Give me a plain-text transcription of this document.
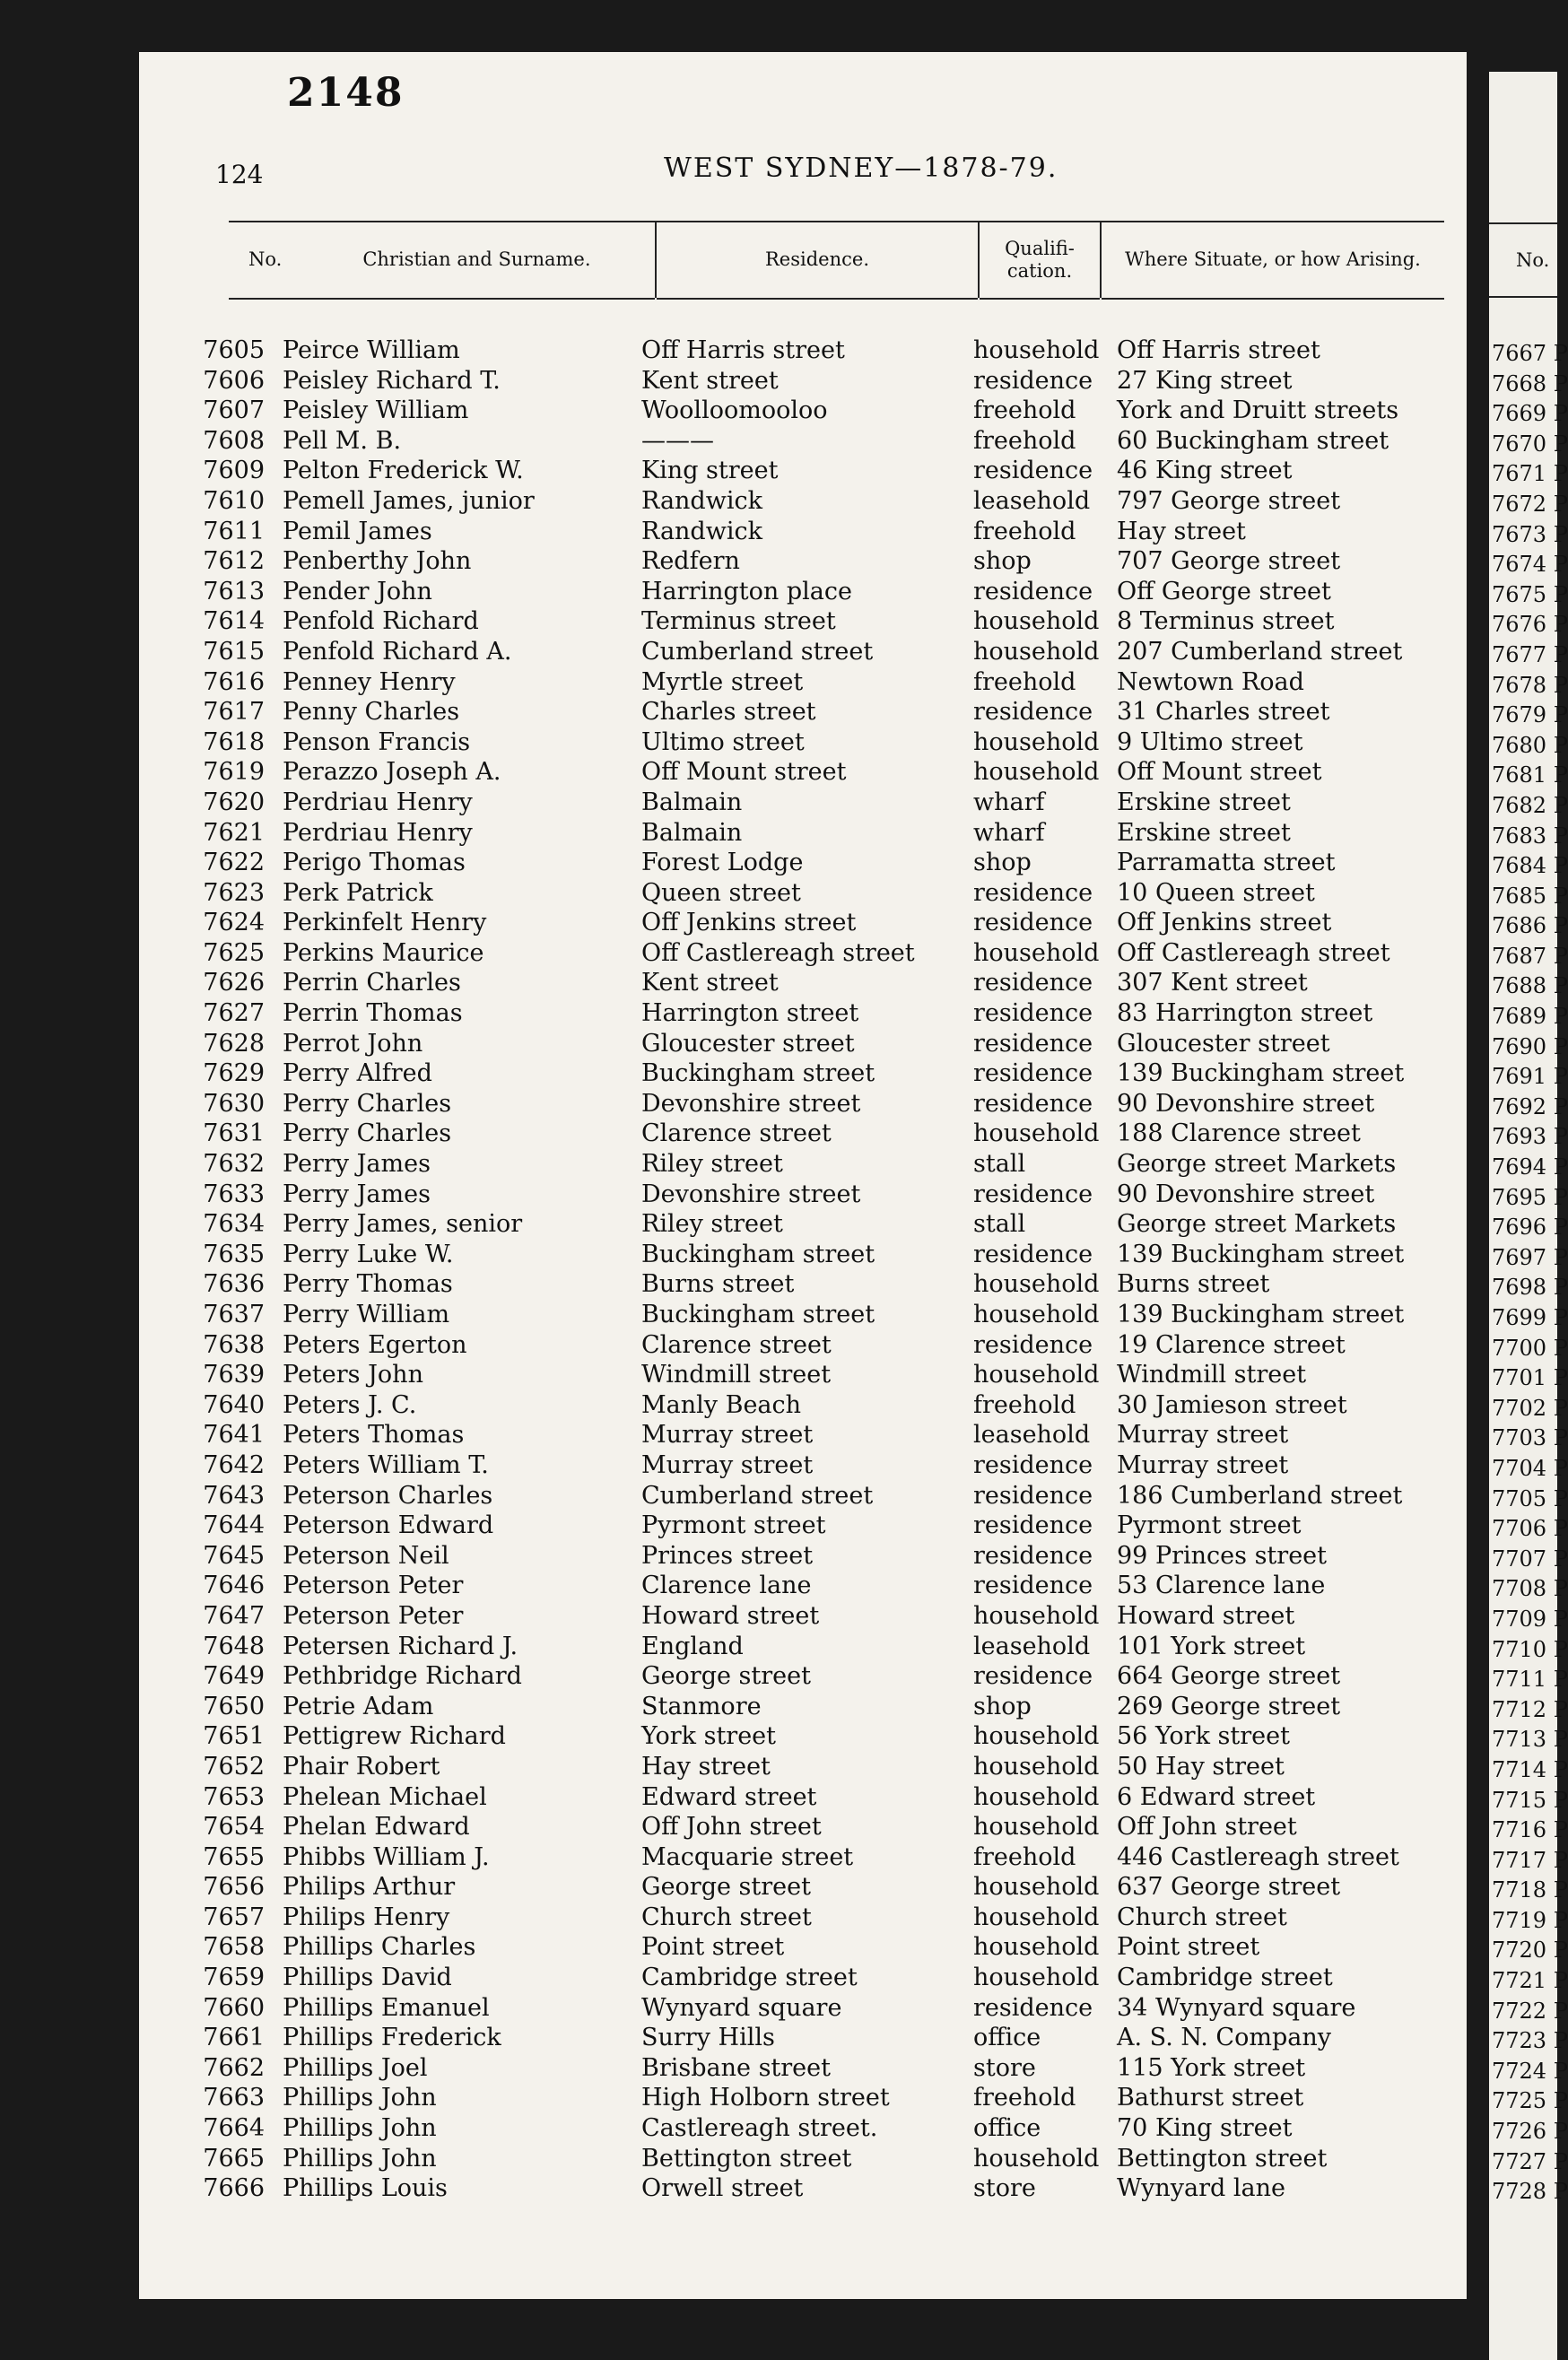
2148
124	WEST SYDNEY—1878-79.
No.	Christian and Surname.	Residence.
Qualifi-
cation.
Where Situate, or how Arising.	No.
7605 Peirce William	Off Harris street	household Off Harris street
7606 Peisley Richard T.	Kent street	residence 27 King street
7607 Peisley William	Woolloomooloo	freehold York and Druitt streets
7608 Pell M. B.	———	freehold 60 Buckingham street
7609 Pelton Frederick W.	King street	residence 46 King street
7610 Pemell James, junior	Randwick	leasehold 797 George street
7611 Pemil James	Randwick	freehold Hay street
7612 Penberthy John	Redfern	shop	707 George street
7613 Pender John	Harrington place	residence Off George street
7614 Penfold Richard	Terminus street	household 8 Terminus street
7615 Penfold Richard A.	Cumberland street	household 207 Cumberland street
7616 Penney Henry	Myrtle street	freehold Newtown Road
7617 Penny Charles	Charles street	residence 31 Charles street
7618 Penson Francis	Ultimo street	household 9 Ultimo street
7619 Perazzo Joseph A.	Off Mount street	household Off Mount street
7620 Perdriau Henry	Balmain	wharf	Erskine street
7621 Perdriau Henry	Balmain	wharf	Erskine street
7622 Perigo Thomas	Forest Lodge	shop	Parramatta street
7623 Perk Patrick	Queen street	residence 10 Queen street
7624 Perkinfelt Henry	Off Jenkins street	residence Off Jenkins street
7625 Perkins Maurice	Off Castlereagh street household Off Castlereagh street
7626 Perrin Charles	Kent street	residence 307 Kent street
7627 Perrin Thomas	Harrington street	residence 83 Harrington street
7628 Perrot John	Gloucester street	residence Gloucester street
7629 Perry Alfred	Buckingham street	residence 139 Buckingham street
7630 Perry Charles	Devonshire street	residence 90 Devonshire street
7631 Perry Charles	Clarence street	household 188 Clarence street
7632 Perry James	Riley street	stall	George street Markets
7633 Perry James	Devonshire street	residence 90 Devonshire street
7634 Perry James, senior	Riley street	stall	George street Markets
7635 Perry Luke W.	Buckingham street	residence 139 Buckingham street
7636 Perry Thomas	Burns street	household Burns street
7637 Perry William	Buckingham street	household 139 Buckingham street
7638 Peters Egerton	Clarence street	residence 19 Clarence street
7639 Peters John	Windmill street	household Windmill street
7640 Peters J. C.	Manly Beach	freehold 30 Jamieson street
7641 Peters Thomas	Murray street	leasehold Murray street
7642 Peters William T.	Murray street	residence Murray street
7643 Peterson Charles	Cumberland street	residence 186 Cumberland street
7644 Peterson Edward	Pyrmont street	residence Pyrmont street
7645 Peterson Neil	Princes street	residence 99 Princes street
7646 Peterson Peter	Clarence lane	residence 53 Clarence lane
7647 Peterson Peter	Howard street	household Howard street
7648 Petersen Richard J.	England	leasehold 101 York street
7649 Pethbridge Richard	George street	residence 664 George street
7650 Petrie Adam	Stanmore	shop	269 George street
7651 Pettigrew Richard	York street	household 56 York street
7652 Phair Robert	Hay street	household 50 Hay street
7653 Phelean Michael	Edward street	household 6 Edward street
7654 Phelan Edward	Off John street	household Off John street
7655 Phibbs William J.	Macquarie street	freehold 446 Castlereagh street
7656 Philips Arthur	George street	household 637 George street
7657 Philips Henry	Church street	household Church street
7658 Phillips Charles	Point street	household Point street
7659 Phillips David	Cambridge street	household Cambridge street
7660 Phillips Emanuel	Wynyard square	residence 34 Wynyard square
7661 Phillips Frederick	Surry Hills	office	A. S. N. Company
7662 Phillips Joel	Brisbane street	store	115 York street
7663 Phillips John	High Holborn street	freehold Bathurst street
7664 Phillips John	Castlereagh street.	office	70 King street
7665 Phillips John	Bettington street	household Bettington street
7666 Phillips Louis	Orwell street	store	Wynyard lane
7667 P
7668 P
7669 P
7670 P
7671 P
7672 P
7673 P
7674 P
7675 P
7676 P
7677 P
7678 P
7679 P
7680 P
7681 P
7682 P
7683 P
7684 P
7685 P
7686 P
7687 P
7688 P
7689 P
7690 P
7691 P
7692 P
7693 P
7694 P
7695 P
7696 P
7697 P
7698 P
7699 P
7700 P
7701 P
7702 P
7703 P
7704 P
7705 P
7706 P
7707 P
7708 P
7709 P
7710 P
7711 P
7712 P
7713 P
7714 P
7715 P
7716 P
7717 P
7718 P
7719 P
7720 P
7721 P
7722 P
7723 P
7724 P
7725 P
7726 P
7727 P
7728 P
